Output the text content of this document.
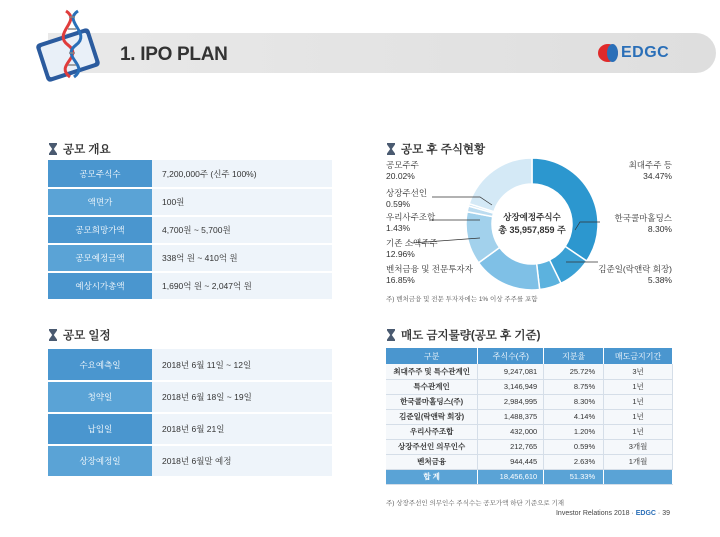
1. IPO PLAN	EDGC
공모 개요
공모주식수	7,200,000주 (신주 100%)
액면가	100원
공모희망가액	4,700원 ~ 5,700원
공모예정금액	338억 원 ~ 410억 원
예상시가총액	1,690억 원 ~ 2,047억 원
공모 일정
수요예측일	2018년 6월 11일 ~ 12일
청약일	2018년 6월 18일 ~ 19일
납입일	2018년 6월 21일
상장예정일	2018년 6월말 예정
공모 후 주식현황
상장예정주식수
총 35,957,859 주
공모주주
20.02%
상장주선인
0.59%
우리사주조합
1.43%
기존 소액주주
12.96%
벤처금융 및 전문투자자
16.85%
최대주주 등
34.47%
한국콜마홀딩스
8.30%
김준일(락앤락 회장)
5.38%
주) 벤처금융 및 전문 투자자에는 1% 이상 주주를 포함
매도 금지물량(공모 후 기준)
구분	주식수(주)	지분율	매도금지기간
최대주주 및 특수관계인	9,247,081	25.72%	3년
특수관계인	3,146,949	8.75%	1년
한국콜마홀딩스(주)	2,984,995	8.30%	1년
김준일(락앤락 회장)	1,488,375	4.14%	1년
우리사주조합	432,000	1.20%	1년
상장주선인 의무인수	212,765	0.59%	3개월
벤처금융	944,445	2.63%	1개월
합 계	18,456,610	51.33%	
주) 상장주선인 의무인수 주식수는 공모가액 하단 기준으로 기재
Investor Relations 2018 · EDGC · 39
